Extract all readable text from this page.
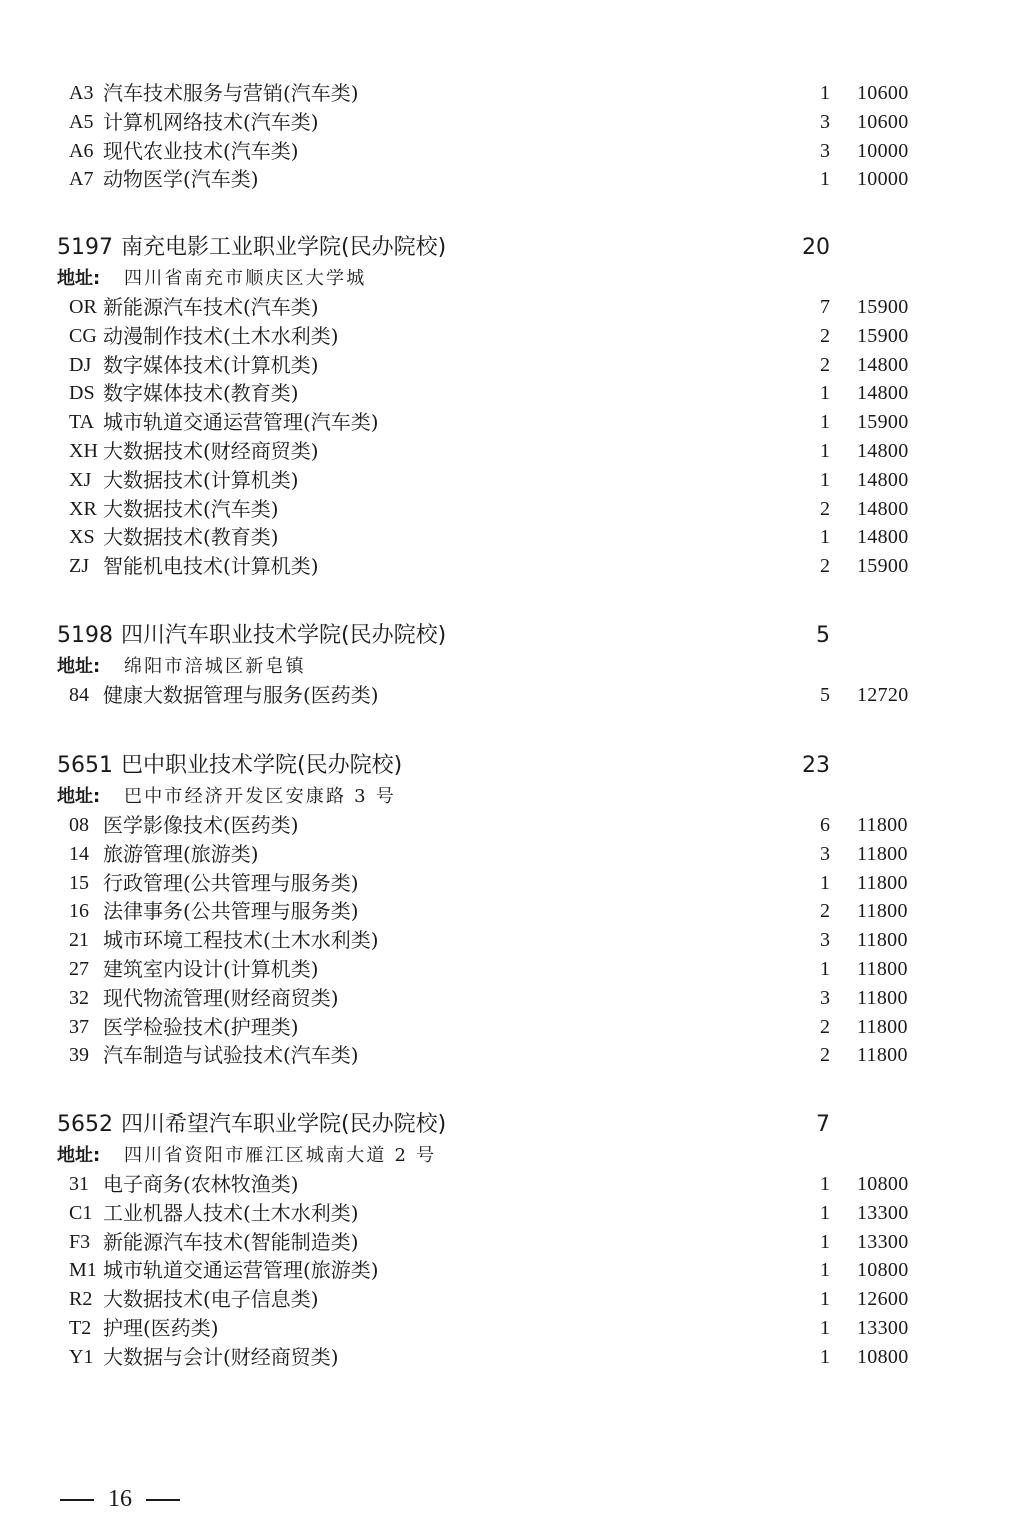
A3 汽车技术服务与营销(汽车类)	1 10600
A5 计算机网络技术(汽车类)	3 10600
A6 现代农业技术(汽车类)	3 10000
A7 动物医学(汽车类)	1 10000
5197 南充电影工业职业学院(民办院校)	20
地址: 四川省南充市顺庆区大学城
OR 新能源汽车技术(汽车类)	7 15900
CG 动漫制作技术(土木水利类)	2 15900
DJ 数字媒体技术(计算机类)	2 14800
DS 数字媒体技术(教育类)	1 14800
TA 城市轨道交通运营管理(汽车类)	1 15900
XH 大数据技术(财经商贸类)	1 14800
XJ 大数据技术(计算机类)	1 14800
XR 大数据技术(汽车类)	2 14800
XS 大数据技术(教育类)	1 14800
ZJ 智能机电技术(计算机类)	2 15900
5198 四川汽车职业技术学院(民办院校)	5
地址: 绵阳市涪城区新皂镇
84 健康大数据管理与服务(医药类)	5 12720
5651 巴中职业技术学院(民办院校)	23
地址: 巴中市经济开发区安康路 3 号
08 医学影像技术(医药类)	6 11800
14 旅游管理(旅游类)	3 11800
15 行政管理(公共管理与服务类)	1 11800
16 法律事务(公共管理与服务类)	2 11800
21 城市环境工程技术(土木水利类)	3 11800
27 建筑室内设计(计算机类)	1 11800
32 现代物流管理(财经商贸类)	3 11800
37 医学检验技术(护理类)	2 11800
39 汽车制造与试验技术(汽车类)	2 11800
5652 四川希望汽车职业学院(民办院校)	7
地址: 四川省资阳市雁江区城南大道 2 号
31 电子商务(农林牧渔类)	1 10800
C1 工业机器人技术(土木水利类)	1 13300
F3 新能源汽车技术(智能制造类)	1 13300
M1 城市轨道交通运营管理(旅游类)	1 10800
R2 大数据技术(电子信息类)	1 12600
T2 护理(医药类)	1 13300
Y1 大数据与会计(财经商贸类)	1 10800
16
